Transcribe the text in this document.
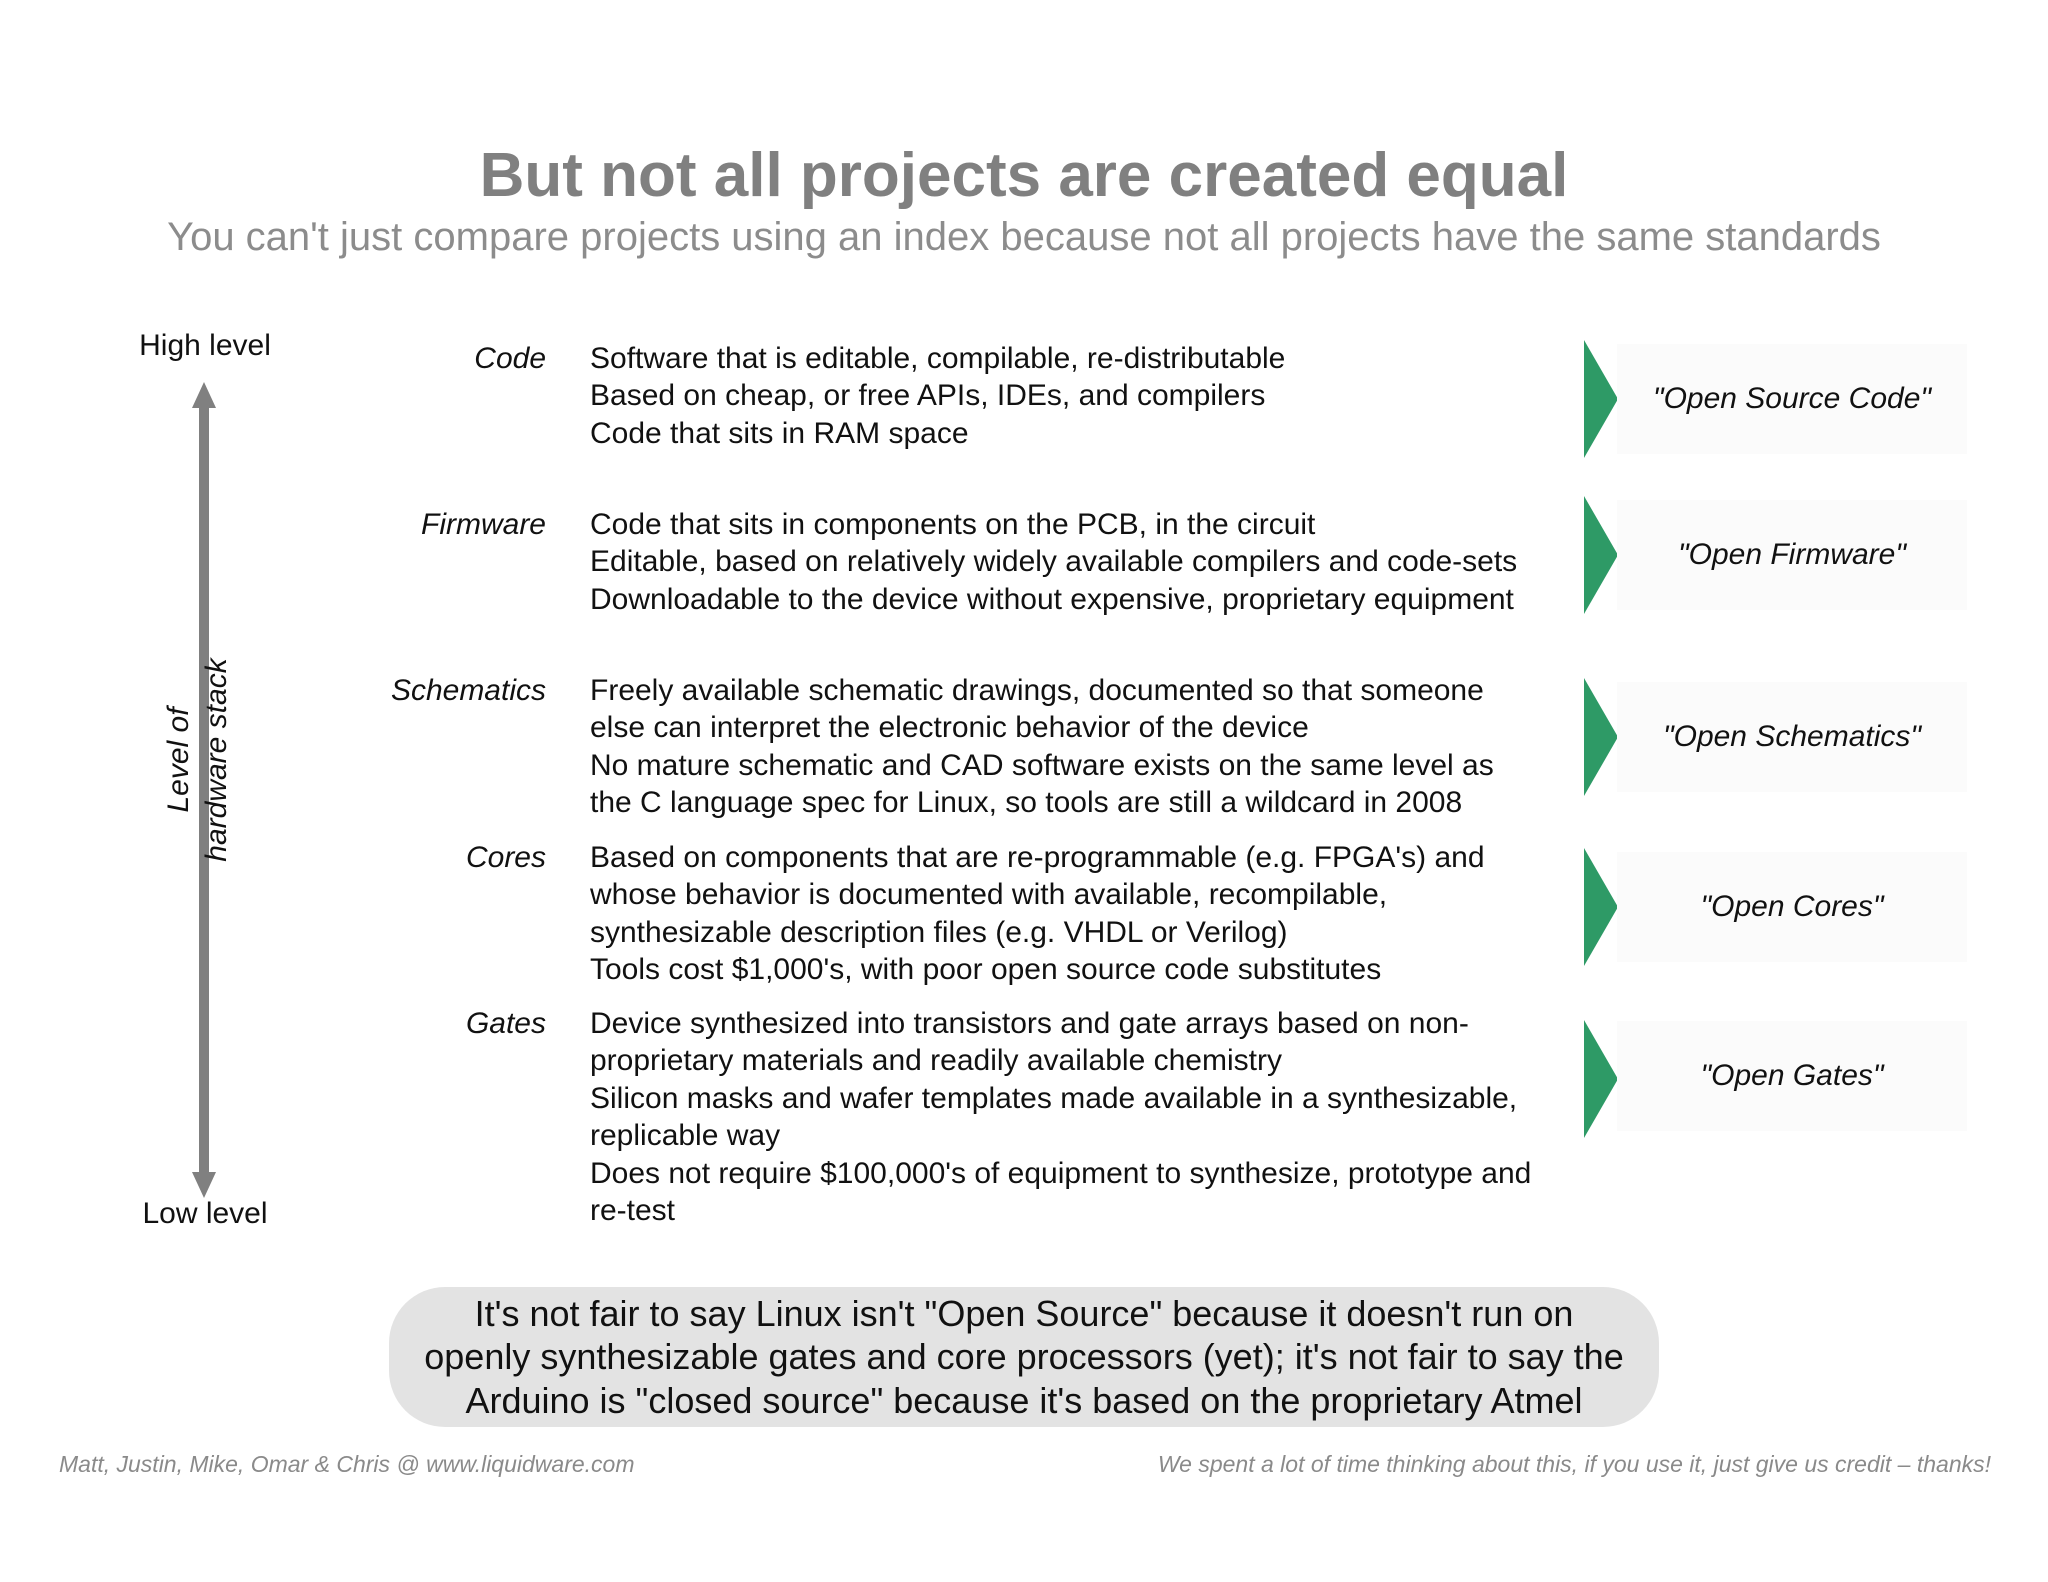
But not all projects are created equal
You can't just compare projects using an index because not all projects have the same standards
High level
Level of hardware stack
Low level
Code Software that is editable, compilable, re-distributable
Based on cheap, or free APIs, IDEs, and compilers
Code that sits in RAM space
"Open Source Code"
Firmware Code that sits in components on the PCB, in the circuit
Editable, based on relatively widely available compilers and code-sets
Downloadable to the device without expensive, proprietary equipment
"Open Firmware"
Schematics Freely available schematic drawings, documented so that someone
else can interpret the electronic behavior of the device
No mature schematic and CAD software exists on the same level as
the C language spec for Linux, so tools are still a wildcard in 2008
"Open Schematics"
Cores Based on components that are re-programmable (e.g. FPGA's) and
whose behavior is documented with available, recompilable,
synthesizable description files (e.g. VHDL or Verilog)
Tools cost $1,000's, with poor open source code substitutes
"Open Cores"
Gates Device synthesized into transistors and gate arrays based on non-
proprietary materials and readily available chemistry
Silicon masks and wafer templates made available in a synthesizable,
replicable way
Does not require $100,000's of equipment to synthesize, prototype and
re-test
"Open Gates"
It's not fair to say Linux isn't "Open Source" because it doesn't run on
openly synthesizable gates and core processors (yet); it's not fair to say the
Arduino is "closed source" because it's based on the proprietary Atmel
Matt, Justin, Mike, Omar & Chris @ www.liquidware.com	We spent a lot of time thinking about this, if you use it, just give us credit – thanks!
